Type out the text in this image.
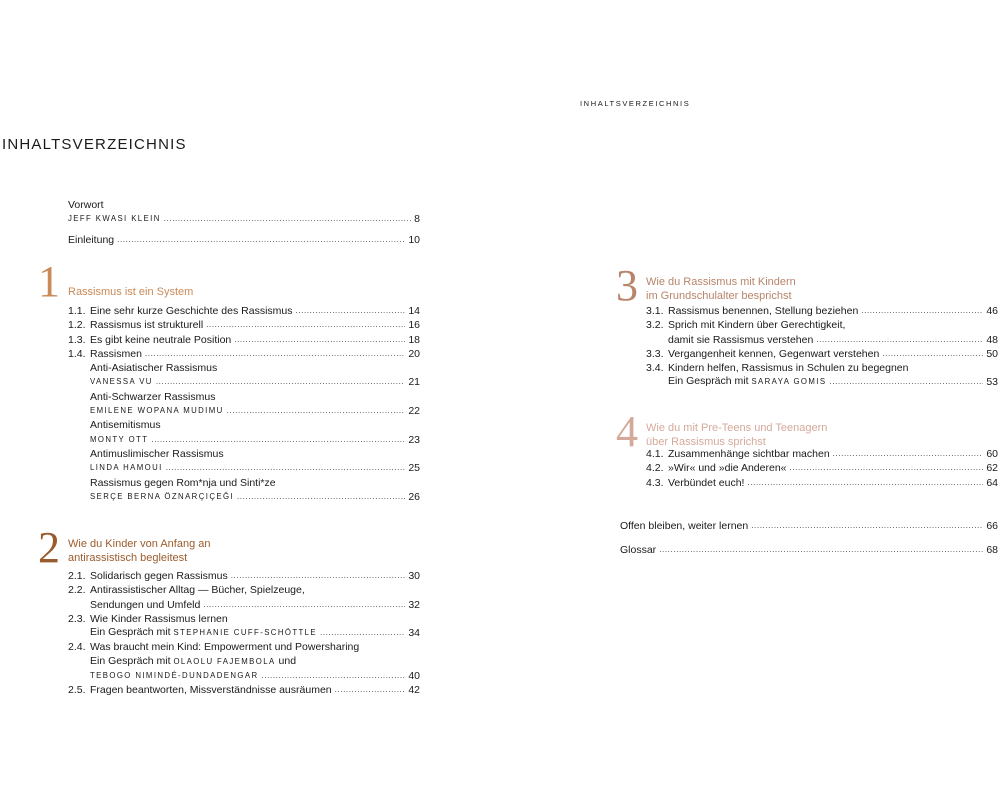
INHALTSVERZEICHNIS
Vorwort
JEFF KWASI KLEIN .....	8
Einleitung .....	10
1 Rassismus ist ein System
1.1. Eine sehr kurze Geschichte des Rassismus .....	14
1.2. Rassismus ist strukturell .....	16
1.3. Es gibt keine neutrale Position .....	18
1.4. Rassismen .....	20
Anti-Asiatischer Rassismus
VANESSA VU .....	21
Anti-Schwarzer Rassismus
EMILENE WOPANA MUDIMU .....	22
Antisemitismus
MONTY OTT .....	23
Antimuslimischer Rassismus
LINDA HAMOUI .....	25
Rassismus gegen Rom*nja und Sinti*ze
SERÇE BERNA ÖZNARÇIÇEĞI .....	26
2 Wie du Kinder von Anfang an
antirassistisch begleitest
2.1. Solidarisch gegen Rassismus .....	30
2.2. Antirassistischer Alltag — Bücher, Spielzeuge,
Sendungen und Umfeld .....	32
2.3. Wie Kinder Rassismus lernen
Ein Gespräch mit STEPHANIE CUFF-SCHÖTTLE .....	34
2.4. Was braucht mein Kind: Empowerment und Powersharing
Ein Gespräch mit OLAOLU FAJEMBOLA und
TEBOGO NIMINDÉ-DUNDADENGAR .....	40
2.5. Fragen beantworten, Missverständnisse ausräumen .....	42
INHALTSVERZEICHNIS
3 Wie du Rassismus mit Kindern
im Grundschulalter besprichst
3.1. Rassismus benennen, Stellung beziehen .....	46
3.2. Sprich mit Kindern über Gerechtigkeit,
damit sie Rassismus verstehen .....	48
3.3. Vergangenheit kennen, Gegenwart verstehen .....	50
3.4. Kindern helfen, Rassismus in Schulen zu begegnen
Ein Gespräch mit SARAYA GOMIS .....	53
4 Wie du mit Pre-Teens und Teenagern
über Rassismus sprichst
4.1. Zusammenhänge sichtbar machen .....	60
4.2. »Wir« und »die Anderen« .....	62
4.3. Verbündet euch! .....	64
Offen bleiben, weiter lernen .....	66
Glossar .....	68
